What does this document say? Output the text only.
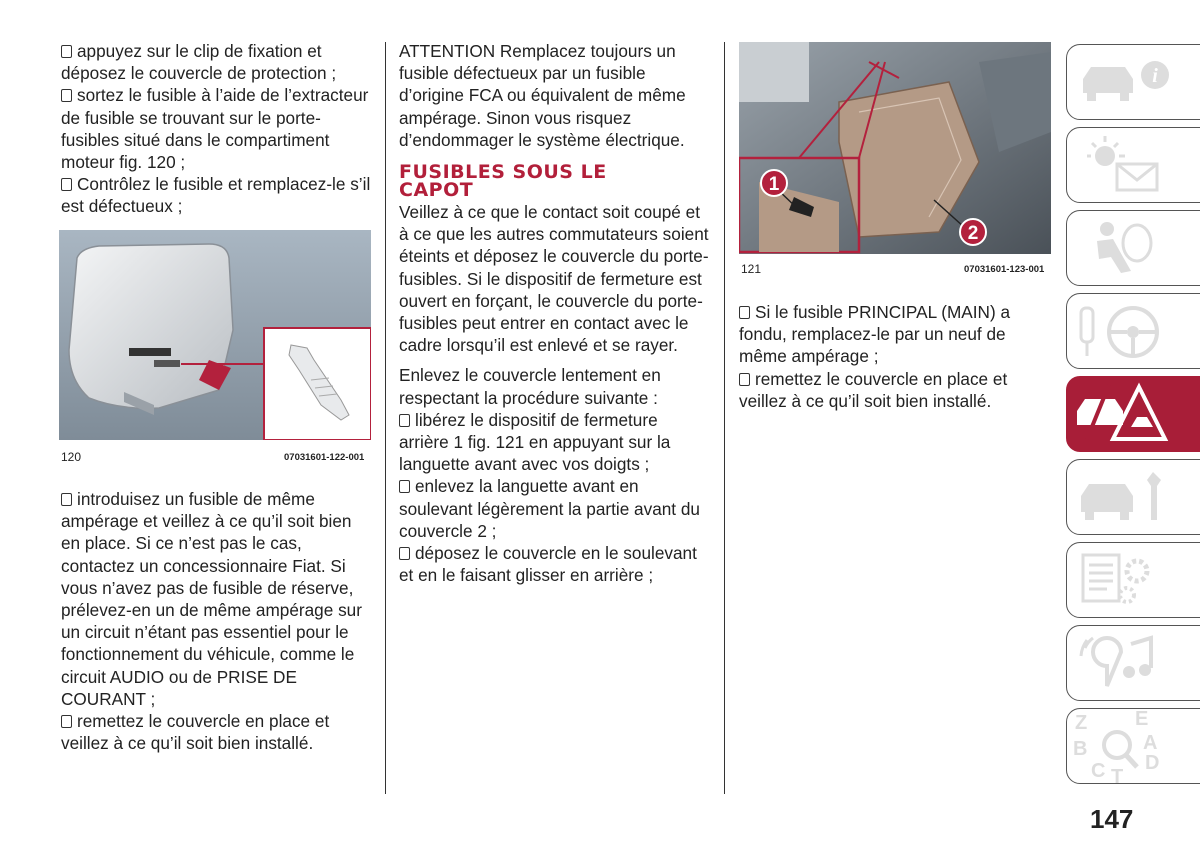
appuyez sur le clip de fixation et déposez le couvercle de protection ;

sortez le fusible à l’aide de l’extracteur de fusible se trouvant sur le porte- fusibles situé dans le compartiment moteur fig. 120 ;

Contrôlez le fusible et remplacez-le s’il est défectueux ;

120	07031601-122-001

introduisez un fusible de même ampérage et veillez à ce qu’il soit bien en place. Si ce n’est pas le cas, contactez un concessionnaire Fiat. Si vous n’avez pas de fusible de réserve, prélevez-en un de même ampérage sur un circuit n’étant pas essentiel pour le fonctionnement du véhicule, comme le circuit AUDIO ou de PRISE DE COURANT ;

remettez le couvercle en place et veillez à ce qu’il soit bien installé.

ATTENTION Remplacez toujours un fusible défectueux par un fusible d’origine FCA ou équivalent de même ampérage. Sinon vous risquez d’endommager le système électrique.

FUSIBLES SOUS LE CAPOT

Veillez à ce que le contact soit coupé et à ce que les autres commutateurs soient éteints et déposez le couvercle du porte-fusibles. Si le dispositif de fermeture est ouvert en forçant, le couvercle du porte- fusibles peut entrer en contact avec le cadre lorsqu’il est enlevé et se rayer.

Enlevez le couvercle lentement en respectant la procédure suivante :

libérez le dispositif de fermeture arrière 1 fig. 121 en appuyant sur la languette avant avec vos doigts ;

enlevez la languette avant en soulevant légèrement la partie avant du couvercle 2 ;

déposez le couvercle en le soulevant et en le faisant glisser en arrière ;

1
2
121	07031601-123-001

Si le fusible PRINCIPAL (MAIN) a fondu, remplacez-le par un neuf de même ampérage ;

remettez le couvercle en place et veillez à ce qu’il soit bien installé.

i
Z E
B	A
C T
D
147
